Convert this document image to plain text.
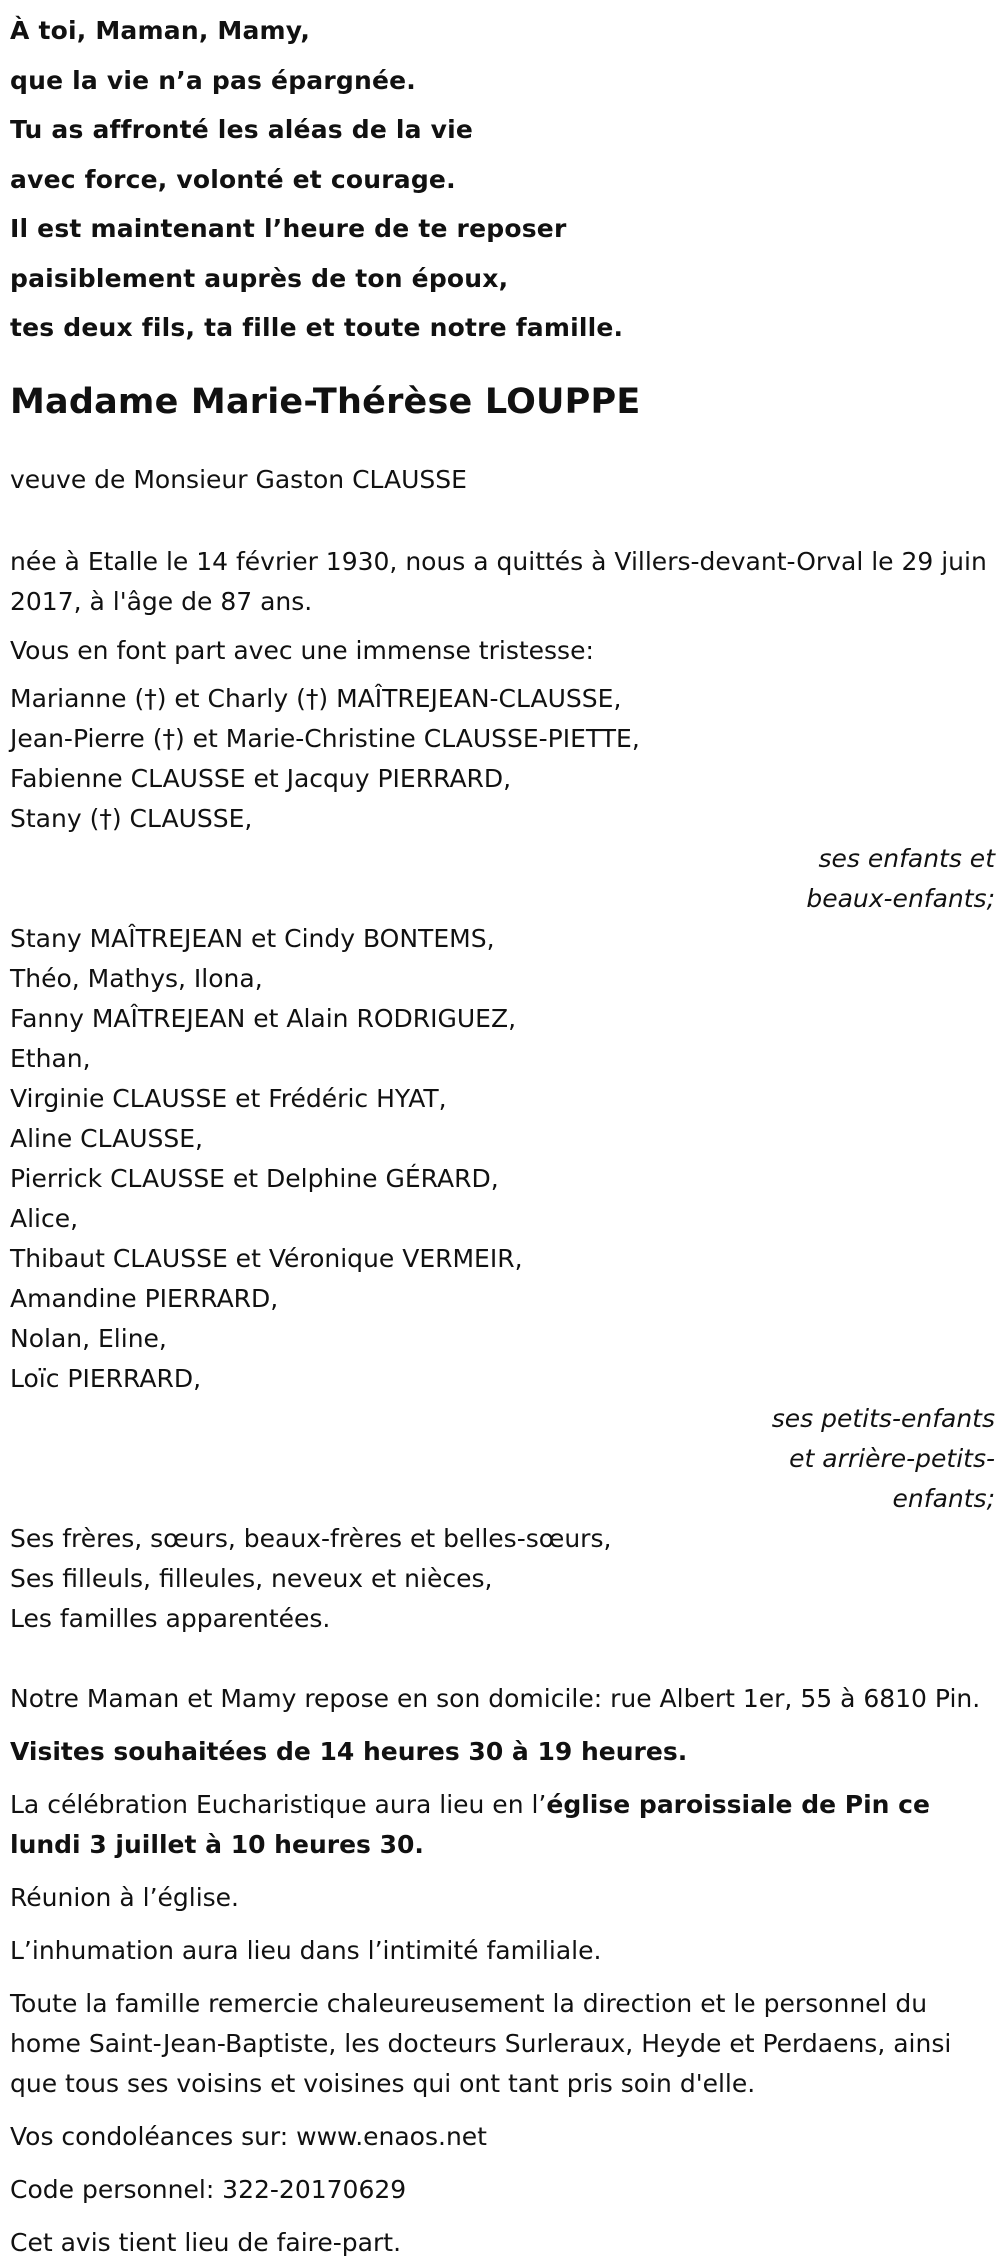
À toi, Maman, Mamy,
que la vie n’a pas épargnée.
Tu as affronté les aléas de la vie
avec force, volonté et courage.
Il est maintenant l’heure de te reposer
paisiblement auprès de ton époux,
tes deux fils, ta fille et toute notre famille.
Madame Marie-Thérèse LOUPPE

veuve de Monsieur Gaston CLAUSSE

née à Etalle le 14 février 1930, nous a quittés à Villers-devant-Orval le 29 juin 2017, à l'âge de 87 ans.

Vous en font part avec une immense tristesse:

Marianne (†) et Charly (†) MAÎTREJEAN-CLAUSSE,
Jean-Pierre (†) et Marie-Christine CLAUSSE-PIETTE,
Fabienne CLAUSSE et Jacquy PIERRARD,
Stany (†) CLAUSSE,
ses enfants et
beaux-enfants;
Stany MAÎTREJEAN et Cindy BONTEMS,
Théo, Mathys, Ilona,
Fanny MAÎTREJEAN et Alain RODRIGUEZ,
Ethan,
Virginie CLAUSSE et Frédéric HYAT,
Aline CLAUSSE,
Pierrick CLAUSSE et Delphine GÉRARD,
Alice,
Thibaut CLAUSSE et Véronique VERMEIR,
Amandine PIERRARD,
Nolan, Eline,
Loïc PIERRARD,
ses petits-enfants
et arrière-petits-
enfants;
Ses frères, sœurs, beaux-frères et belles-sœurs,
Ses filleuls, filleules, neveux et nièces,
Les familles apparentées.

Notre Maman et Mamy repose en son domicile: rue Albert 1er, 55 à 6810 Pin.

Visites souhaitées de 14 heures 30 à 19 heures.

La célébration Eucharistique aura lieu en l’église paroissiale de Pin ce lundi 3 juillet à 10 heures 30.

Réunion à l’église.

L’inhumation aura lieu dans l’intimité familiale.

Toute la famille remercie chaleureusement la direction et le personnel du home Saint-Jean-Baptiste, les docteurs Surleraux, Heyde et Perdaens, ainsi que tous ses voisins et voisines qui ont tant pris soin d'elle.

Vos condoléances sur: www.enaos.net

Code personnel: 322-20170629

Cet avis tient lieu de faire-part.
